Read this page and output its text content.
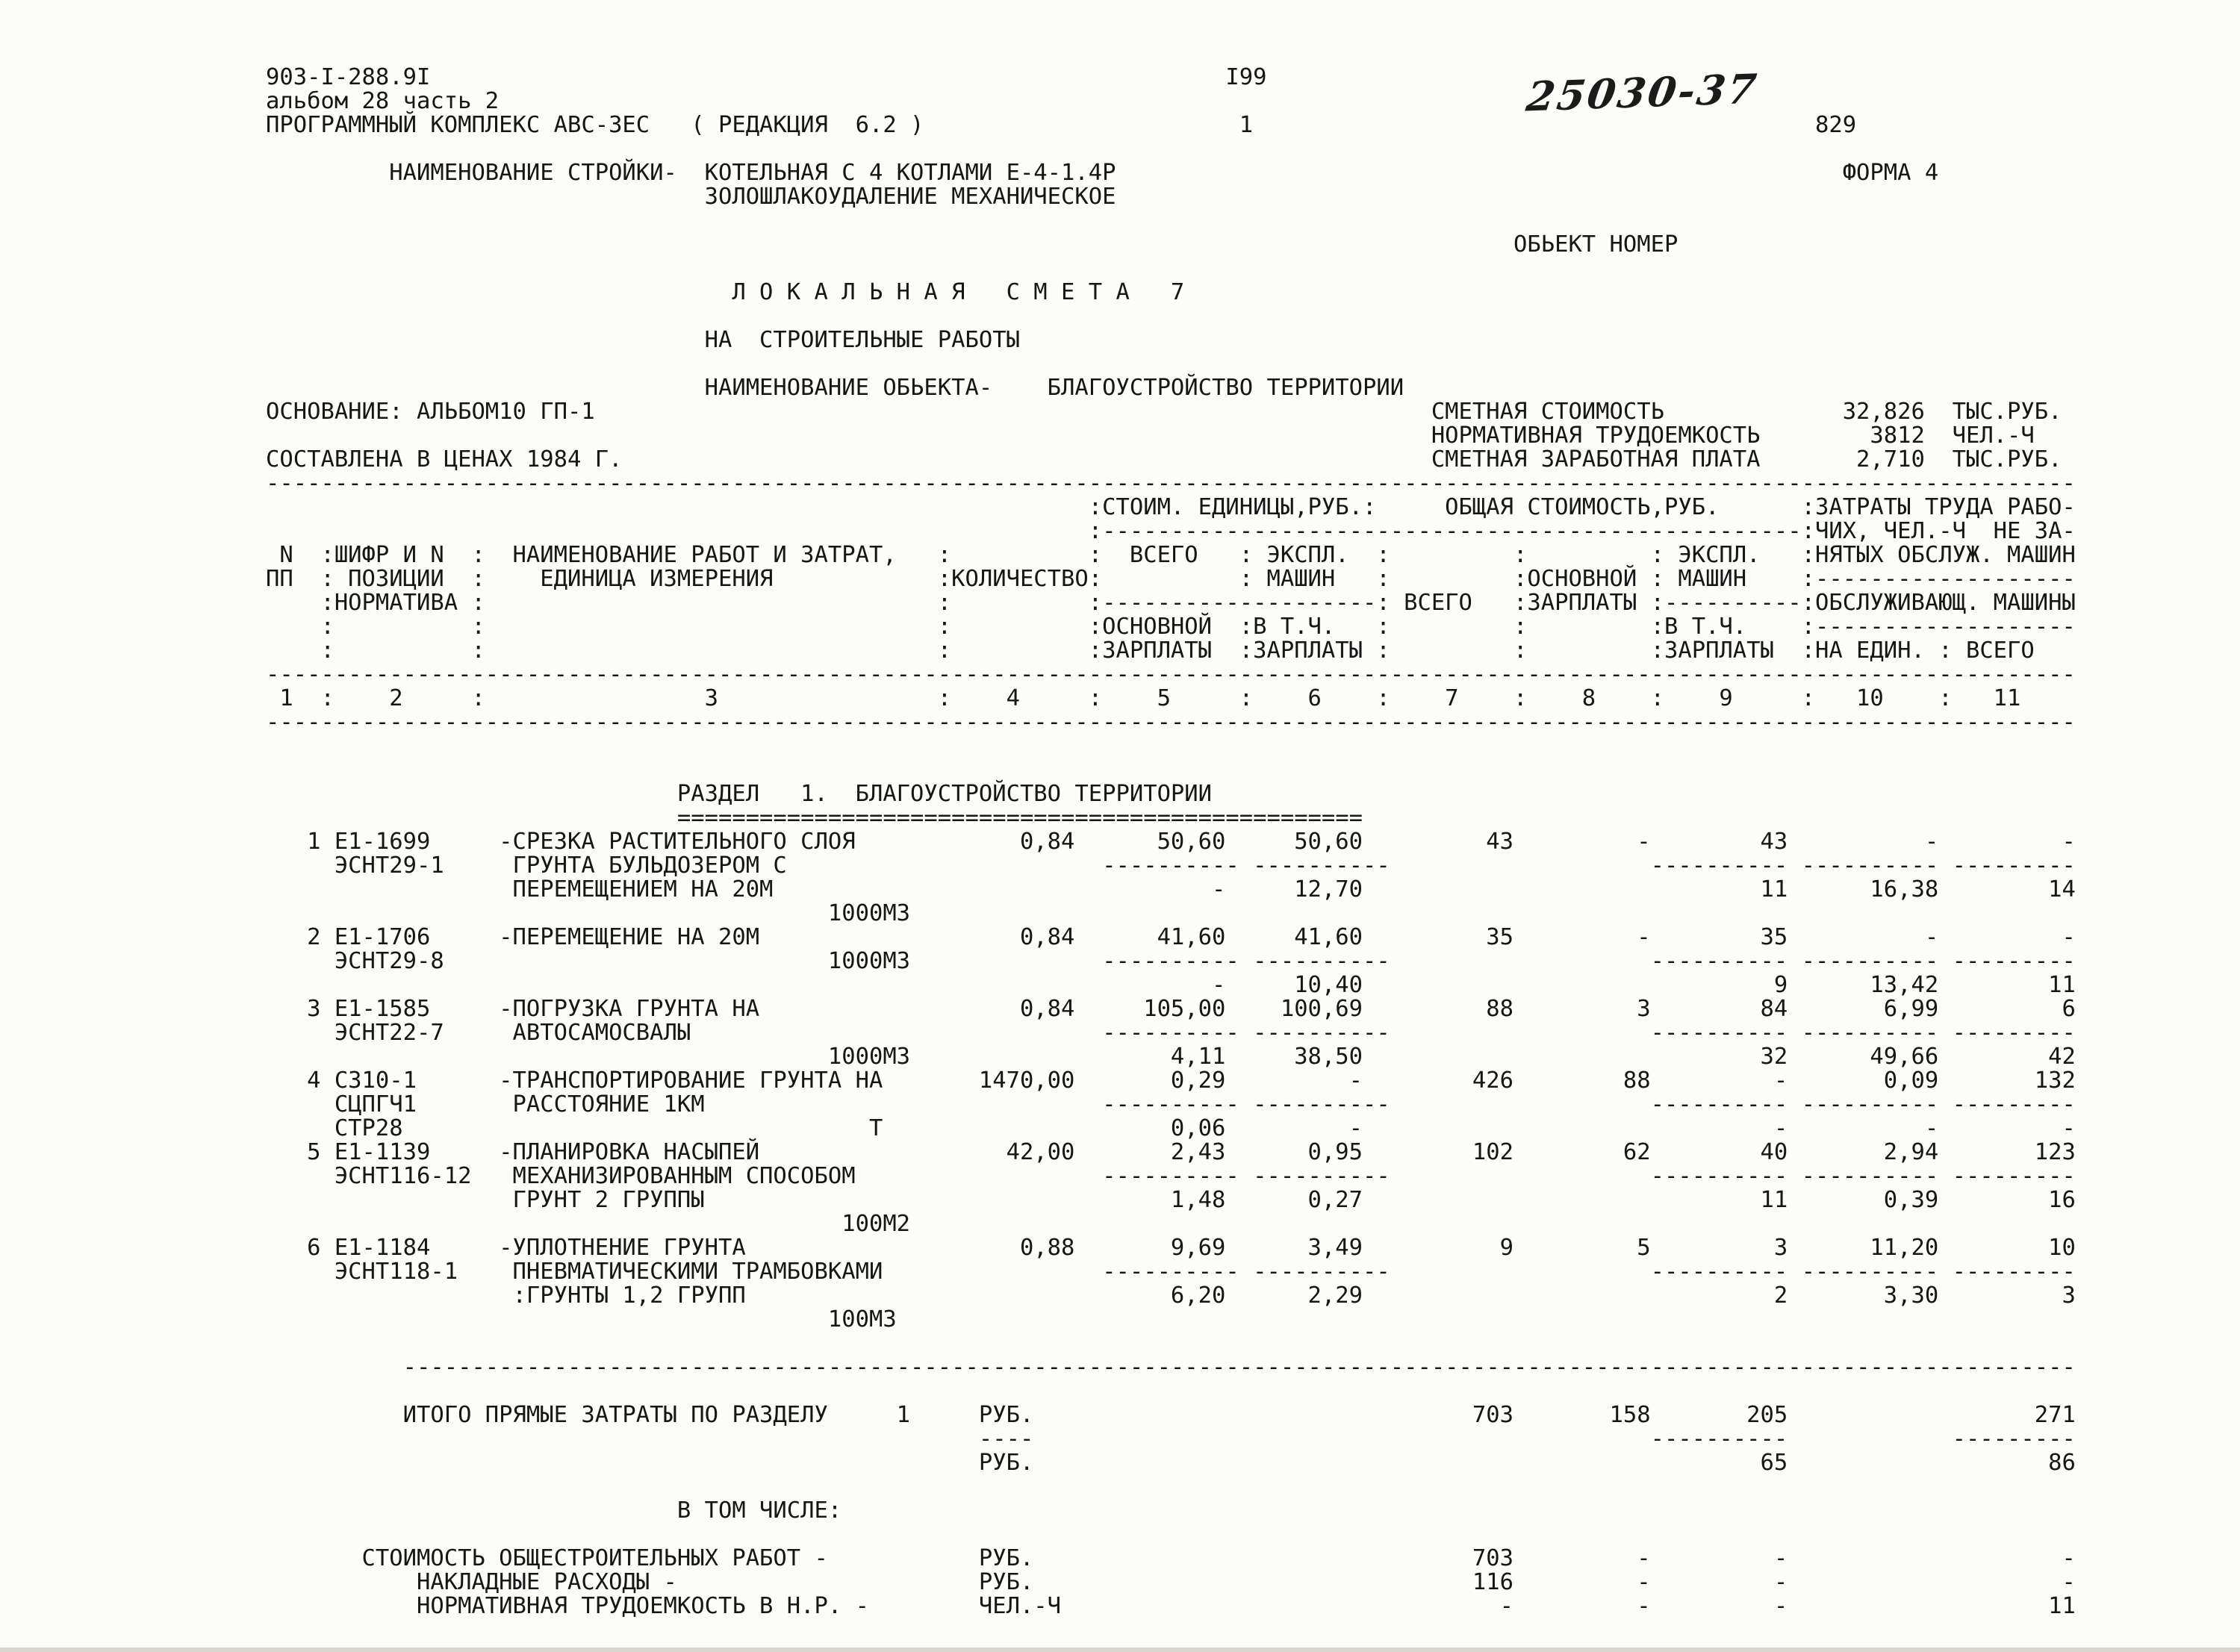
903-I-288.9I                                                          I99
альбом 28 часть 2
ПРОГРАММНЫЙ КОМПЛЕКС АВС-3ЕС   ( РЕДАКЦИЯ  6.2 )                       1                                         829

НАИМЕНОВАНИЕ СТРОЙКИ-  КОТЕЛЬНАЯ С 4 КОТЛАМИ Е-4-1.4Р                                                     ФОРМА 4
ЗОЛОШЛАКОУДАЛЕНИЕ МЕХАНИЧЕСКОЕ

ОБЬЕКТ НОМЕР

Л О К А Л Ь Н А Я   С М Е Т А   7

НА  СТРОИТЕЛЬНЫЕ РАБОТЫ

НАИМЕНОВАНИЕ ОБЬЕКТА-    БЛАГОУСТРОЙСТВО ТЕРРИТОРИИ
ОСНОВАНИЕ: АЛЬБОМ10 ГП-1                                                             СМЕТНАЯ СТОИМОСТЬ             32,826  ТЫС.РУБ.
НОРМАТИВНАЯ ТРУДОЕМКОСТЬ        3812  ЧЕЛ.-Ч
СОСТАВЛЕНА В ЦЕНАХ 1984 Г.                                                           СМЕТНАЯ ЗАРАБОТНАЯ ПЛАТА       2,710  ТЫС.РУБ.
------------------------------------------------------------------------------------------------------------------------------------
:СТОИМ. ЕДИНИЦЫ,РУБ.:     ОБЩАЯ СТОИМОСТЬ,РУБ.      :ЗАТРАТЫ ТРУДА РАБО-
:---------------------------------------------------:ЧИХ, ЧЕЛ.-Ч  НЕ ЗА-
N  :ШИФР И N  :  НАИМЕНОВАНИЕ РАБОТ И ЗАТРАТ,   :          :  ВСЕГО   : ЭКСПЛ.  :         :         : ЭКСПЛ.   :НЯТЫХ ОБСЛУЖ. МАШИН
ПП  : ПОЗИЦИИ  :    ЕДИНИЦА ИЗМЕРЕНИЯ            :КОЛИЧЕСТВО:          : МАШИН   :         :ОСНОВНОЙ : МАШИН    :-------------------
:НОРМАТИВА :                                 :          :--------------------: ВСЕГО   :ЗАРПЛАТЫ :----------:ОБСЛУЖИВАЮЩ. МАШИНЫ
:          :                                 :          :ОСНОВНОЙ  :В Т.Ч.   :         :         :В Т.Ч.    :-------------------
:          :                                 :          :ЗАРПЛАТЫ  :ЗАРПЛАТЫ :         :         :ЗАРПЛАТЫ  :НА ЕДИН. : ВСЕГО
------------------------------------------------------------------------------------------------------------------------------------
1  :    2     :                3                :    4     :    5     :    6    :    7    :    8    :    9     :   10    :   11
------------------------------------------------------------------------------------------------------------------------------------

РАЗДЕЛ   1.  БЛАГОУСТРОЙСТВО ТЕРРИТОРИИ
==================================================
1 Е1-1699     -СРЕЗКА РАСТИТЕЛЬНОГО СЛОЯ            0,84      50,60     50,60         43         -        43          -         -
ЭСНТ29-1     ГРУНТА БУЛЬДОЗЕРОМ С                       ---------- ----------                   ---------- ---------- ---------
ПЕРЕМЕЩЕНИЕМ НА 20М                                -     12,70                             11      16,38        14
1000М3
2 Е1-1706     -ПЕРЕМЕЩЕНИЕ НА 20М                   0,84      41,60     41,60         35         -        35          -         -
ЭСНТ29-8                            1000М3              ---------- ----------                   ---------- ---------- ---------
-     10,40                              9      13,42        11
3 Е1-1585     -ПОГРУЗКА ГРУНТА НА                   0,84     105,00    100,69         88         3        84       6,99         6
ЭСНТ22-7     АВТОСАМОСВАЛЫ                              ---------- ----------                   ---------- ---------- ---------
1000М3                   4,11     38,50                             32      49,66        42
4 С310-1      -ТРАНСПОРТИРОВАНИЕ ГРУНТА НА       1470,00       0,29         -        426        88         -       0,09       132
СЦПГЧ1       РАССТОЯНИЕ 1КМ                             ---------- ----------                   ---------- ---------- ---------
СТР28                                  Т                     0,06         -                              -          -         -
5 Е1-1139     -ПЛАНИРОВКА НАСЫПЕЙ                  42,00       2,43      0,95        102        62        40       2,94       123
ЭСНТ116-12   МЕХАНИЗИРОВАННЫМ СПОСОБОМ                  ---------- ----------                   ---------- ---------- ---------
ГРУНТ 2 ГРУППЫ                                  1,48      0,27                             11       0,39        16
100М2
6 Е1-1184     -УПЛОТНЕНИЕ ГРУНТА                    0,88       9,69      3,49          9         5         3      11,20        10
ЭСНТ118-1    ПНЕВМАТИЧЕСКИМИ ТРАМБОВКАМИ                ---------- ----------                   ---------- ---------- ---------
:ГРУНТЫ 1,2 ГРУПП                               6,20      2,29                              2       3,30         3
100М3

--------------------------------------------------------------------------------------------------------------------------

ИТОГО ПРЯМЫЕ ЗАТРАТЫ ПО РАЗДЕЛУ     1     РУБ.                                703       158       205                  271
----                                             ----------            ---------
РУБ.                                                     65                   86

В ТОМ ЧИСЛЕ:

СТОИМОСТЬ ОБЩЕСТРОИТЕЛЬНЫХ РАБОТ -           РУБ.                                703         -         -                    -
НАКЛАДНЫЕ РАСХОДЫ -                      РУБ.                                116         -         -                    -
НОРМАТИВНАЯ ТРУДОЕМКОСТЬ В Н.Р. -        ЧЕЛ.-Ч                                -         -         -                   11
25030-37
